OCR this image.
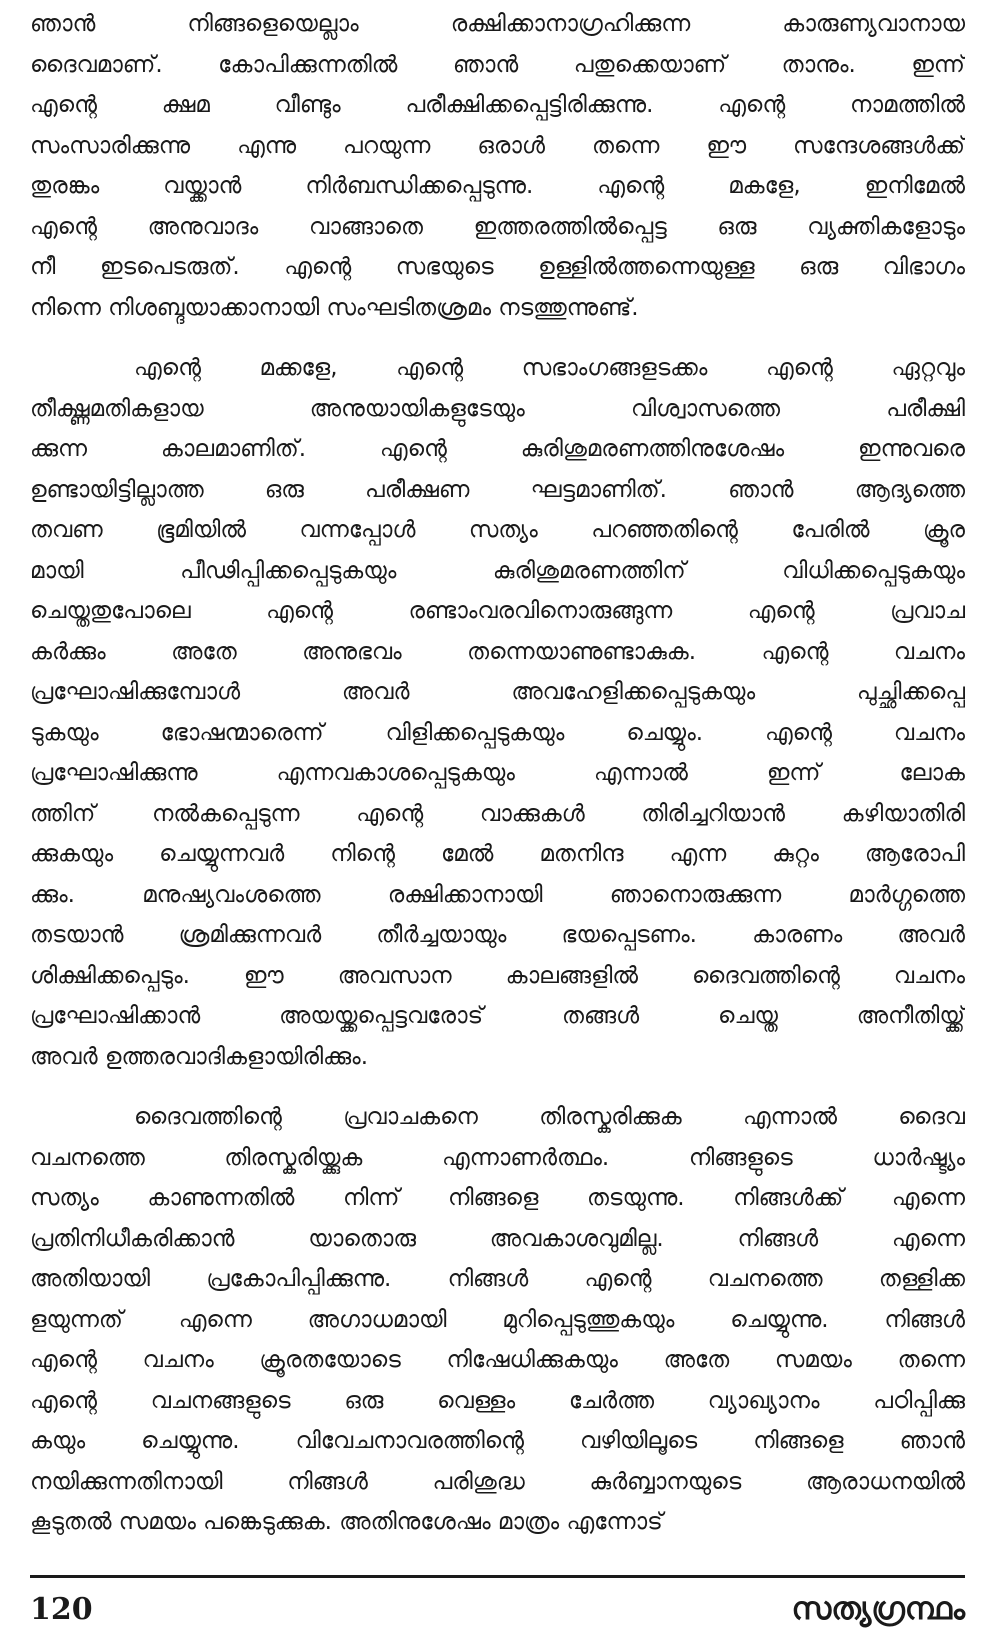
ഞാൻ നിങ്ങളെയെല്ലാം രക്ഷിക്കാനാഗ്രഹിക്കുന്ന കാരുണ്യവാനായ
ദൈവമാണ്. കോപിക്കുന്നതിൽ ഞാൻ പതുക്കെയാണ് താനും. ഇന്ന്
എന്റെ ക്ഷമ വീണ്ടും പരീക്ഷിക്കപ്പെട്ടിരിക്കുന്നു. എന്റെ നാമത്തിൽ
സംസാരിക്കുന്നു എന്നു പറയുന്ന ഒരാൾ തന്നെ ഈ സന്ദേശങ്ങൾക്ക്
തുരങ്കം വയ്ക്കാൻ നിർബന്ധിക്കപ്പെടുന്നു. എന്റെ മകളേ, ഇനിമേൽ
എന്റെ അനുവാദം വാങ്ങാതെ ഇത്തരത്തിൽപ്പെട്ട ഒരു വ്യക്തികളോടും
നീ ഇടപെടരുത്. എന്റെ സഭയുടെ ഉള്ളിൽത്തന്നെയുള്ള ഒരു വിഭാഗം
നിന്നെ നിശബ്ദയാക്കാനായി സംഘടിതശ്രമം നടത്തുന്നുണ്ട്.
എന്റെ മക്കളേ, എന്റെ സഭാംഗങ്ങളടക്കം എന്റെ ഏറ്റവും
തീക്ഷ്ണമതികളായ അനുയായികളുടേയും വിശ്വാസത്തെ പരീക്ഷി
ക്കുന്ന കാലമാണിത്. എന്റെ കുരിശുമരണത്തിനുശേഷം ഇന്നുവരെ
ഉണ്ടായിട്ടില്ലാത്ത ഒരു പരീക്ഷണ ഘട്ടമാണിത്. ഞാൻ ആദ്യത്തെ
തവണ ഭൂമിയിൽ വന്നപ്പോൾ സത്യം പറഞ്ഞതിന്റെ പേരിൽ ക്രൂര
മായി പീഢിപ്പിക്കപ്പെടുകയും കുരിശുമരണത്തിന് വിധിക്കപ്പെടുകയും
ചെയ്തതുപോലെ എന്റെ രണ്ടാംവരവിനൊരുങ്ങുന്ന എന്റെ പ്രവാച
കർക്കും അതേ അനുഭവം തന്നെയാണുണ്ടാകുക. എന്റെ വചനം
പ്രഘോഷിക്കുമ്പോൾ അവർ അവഹേളിക്കപ്പെടുകയും പുച്ഛിക്കപ്പെ
ടുകയും ഭോഷന്മാരെന്ന് വിളിക്കപ്പെടുകയും ചെയ്യും. എന്റെ വചനം
പ്രഘോഷിക്കുന്നു എന്നവകാശപ്പെടുകയും എന്നാൽ ഇന്ന് ലോക
ത്തിന് നൽകപ്പെടുന്ന എന്റെ വാക്കുകൾ തിരിച്ചറിയാൻ കഴിയാതിരി
ക്കുകയും ചെയ്യുന്നവർ നിന്റെ മേൽ മതനിന്ദ എന്ന കുറ്റം ആരോപി
ക്കും. മനുഷ്യവംശത്തെ രക്ഷിക്കാനായി ഞാനൊരുക്കുന്ന മാർഗ്ഗത്തെ
തടയാൻ ശ്രമിക്കുന്നവർ തീർച്ചയായും ഭയപ്പെടണം. കാരണം അവർ
ശിക്ഷിക്കപ്പെടും. ഈ അവസാന കാലങ്ങളിൽ ദൈവത്തിന്റെ വചനം
പ്രഘോഷിക്കാൻ അയയ്ക്കപ്പെട്ടവരോട് തങ്ങൾ ചെയ്ത അനീതിയ്ക്ക്
അവർ ഉത്തരവാദികളായിരിക്കും.
ദൈവത്തിന്റെ പ്രവാചകനെ തിരസ്കരിക്കുക എന്നാൽ ദൈവ
വചനത്തെ തിരസ്കരിയ്ക്കുക എന്നാണർത്ഥം. നിങ്ങളുടെ ധാർഷ്ട്യം
സത്യം കാണുന്നതിൽ നിന്ന് നിങ്ങളെ തടയുന്നു. നിങ്ങൾക്ക് എന്നെ
പ്രതിനിധീകരിക്കാൻ യാതൊരു അവകാശവുമില്ല. നിങ്ങൾ എന്നെ
അതിയായി പ്രകോപിപ്പിക്കുന്നു. നിങ്ങൾ എന്റെ വചനത്തെ തള്ളിക്ക
ളയുന്നത് എന്നെ അഗാധമായി മുറിപ്പെടുത്തുകയും ചെയ്യുന്നു. നിങ്ങൾ
എന്റെ വചനം ക്രൂരതയോടെ നിഷേധിക്കുകയും അതേ സമയം തന്നെ
എന്റെ വചനങ്ങളുടെ ഒരു വെള്ളം ചേർത്ത വ്യാഖ്യാനം പഠിപ്പിക്കു
കയും ചെയ്യുന്നു. വിവേചനാവരത്തിന്റെ വഴിയിലൂടെ നിങ്ങളെ ഞാൻ
നയിക്കുന്നതിനായി നിങ്ങൾ പരിശുദ്ധ കുർബ്ബാനയുടെ ആരാധനയിൽ
കൂടുതൽ സമയം പങ്കെടുക്കുക. അതിനുശേഷം മാത്രം എന്നോട്
120	സത്യഗ്രന്ഥം
